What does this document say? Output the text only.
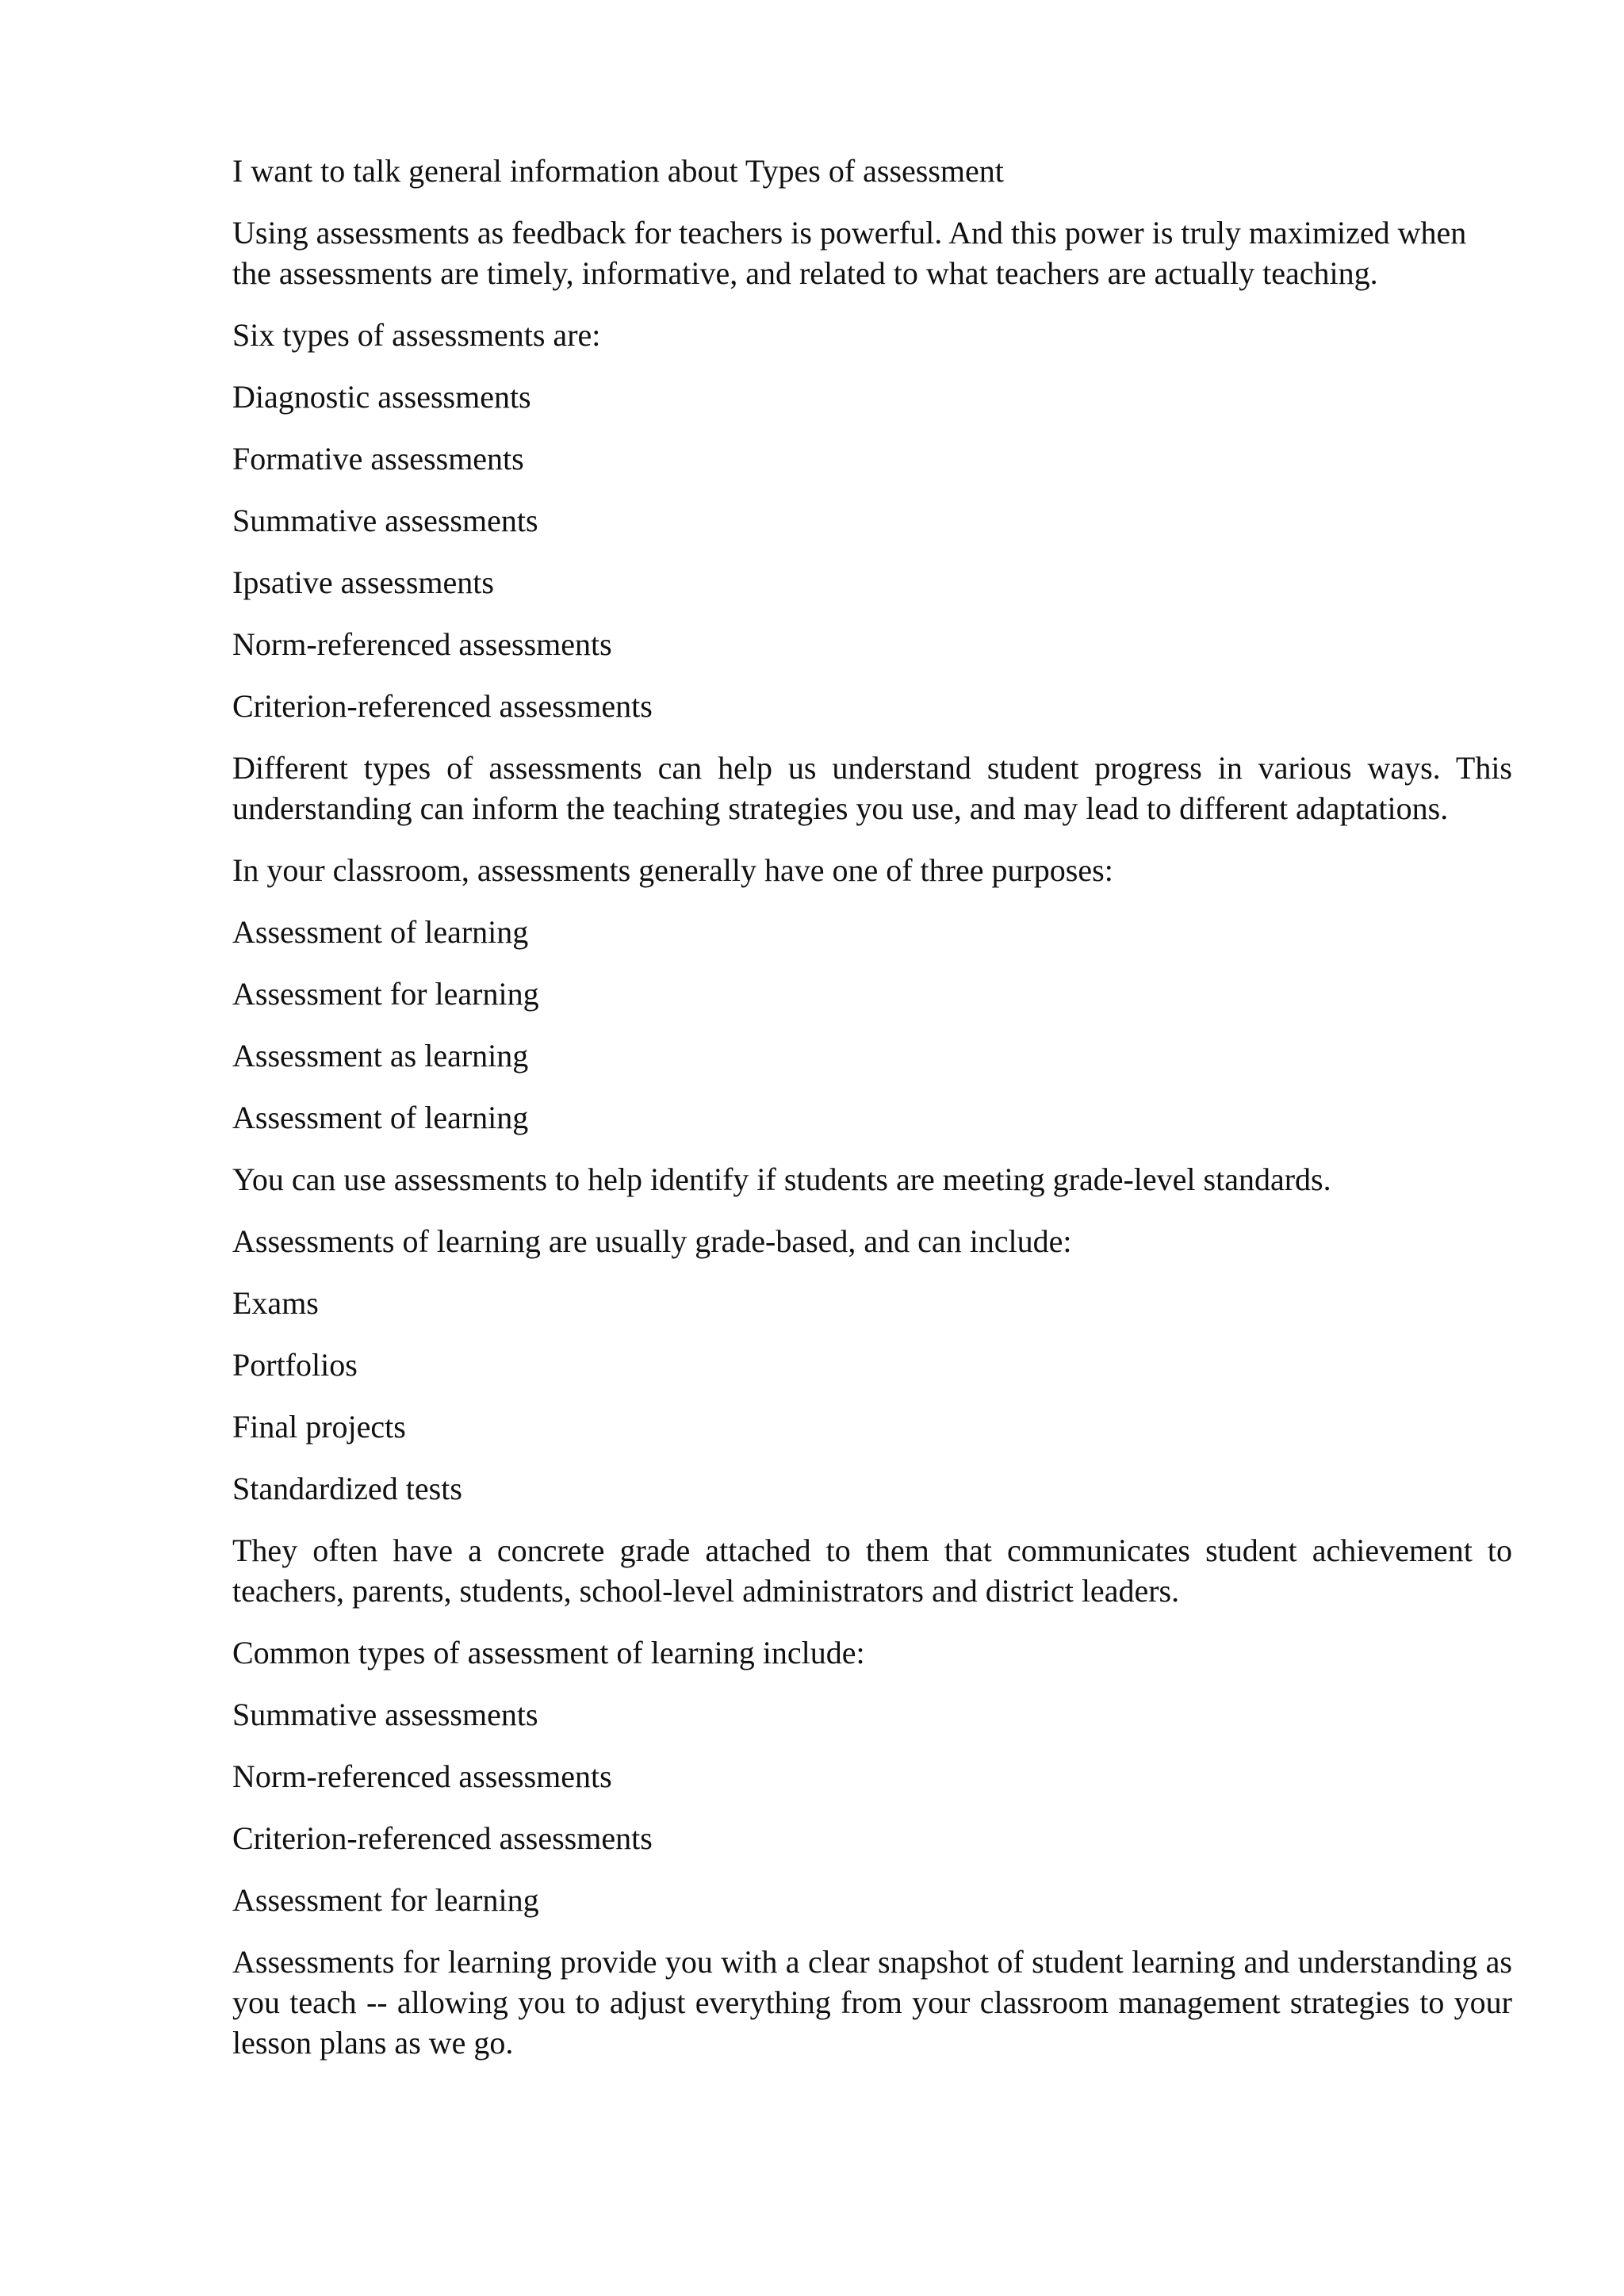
I want to talk general information about Types of assessment

Using assessments as feedback for teachers is powerful. And this power is truly maximized when the assessments are timely, informative, and related to what teachers are actually teaching.

Six types of assessments are:

Diagnostic assessments

Formative assessments

Summative assessments

Ipsative assessments

Norm-referenced assessments

Criterion-referenced assessments

Different types of assessments can help us understand student progress in various ways. This understanding can inform the teaching strategies you use, and may lead to different adaptations.

In your classroom, assessments generally have one of three purposes:

Assessment of learning

Assessment for learning

Assessment as learning

Assessment of learning

You can use assessments to help identify if students are meeting grade-level standards.

Assessments of learning are usually grade-based, and can include:

Exams

Portfolios

Final projects

Standardized tests

They often have a concrete grade attached to them that communicates student achievement to teachers, parents, students, school-level administrators and district leaders.

Common types of assessment of learning include:

Summative assessments

Norm-referenced assessments

Criterion-referenced assessments

Assessment for learning

Assessments for learning provide you with a clear snapshot of student learning and understanding as you teach -- allowing you to adjust everything from your classroom management strategies to your lesson plans as we go.
